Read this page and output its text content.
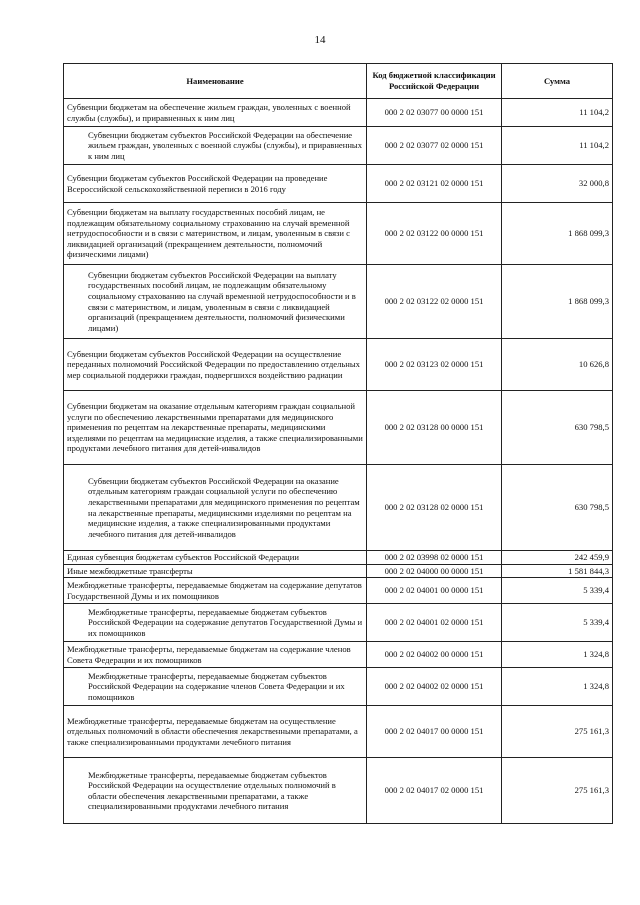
14
Наименование	Код бюджетной классификации Российской Федерации	Сумма
Субвенции бюджетам на обеспечение жильем граждан, уволенных с военной службы (службы), и приравненных к ним лиц	000 2 02 03077 00 0000 151	11 104,2
Субвенции бюджетам субъектов Российской Федерации на обеспечение жильем граждан, уволенных с военной службы (службы), и приравненных к ним лиц	000 2 02 03077 02 0000 151	11 104,2
Субвенции бюджетам субъектов Российской Федерации на проведение Всероссийской сельскохозяйственной переписи в 2016 году	000 2 02 03121 02 0000 151	32 000,8
Субвенции бюджетам на выплату государственных пособий лицам, не подлежащим обязательному социальному страхованию на случай временной нетрудоспособности и в связи с материнством, и лицам, уволенным в связи с ликвидацией организаций (прекращением деятельности, полномочий физическими лицами)	000 2 02 03122 00 0000 151	1 868 099,3
Субвенции бюджетам субъектов Российской Федерации на выплату государственных пособий лицам, не подлежащим обязательному социальному страхованию на случай временной нетрудоспособности и в связи с материнством, и лицам, уволенным в связи с ликвидацией организаций (прекращением деятельности, полномочий физическими лицами)	000 2 02 03122 02 0000 151	1 868 099,3
Субвенции бюджетам субъектов Российской Федерации на осуществление переданных полномочий Российской Федерации по предоставлению отдельных мер социальной поддержки граждан, подвергшихся воздействию радиации	000 2 02 03123 02 0000 151	10 626,8
Субвенции бюджетам на оказание отдельным категориям граждан социальной услуги по обеспечению лекарственными препаратами для медицинского применения по рецептам на лекарственные препараты, медицинскими изделиями по рецептам на медицинские изделия, а также специализированными продуктами лечебного питания для детей-инвалидов	000 2 02 03128 00 0000 151	630 798,5
Субвенции бюджетам субъектов Российской Федерации на оказание отдельным категориям граждан социальной услуги по обеспечению лекарственными препаратами для медицинского применения по рецептам на лекарственные препараты, медицинскими изделиями по рецептам на медицинские изделия, а также специализированными продуктами лечебного питания для детей-инвалидов	000 2 02 03128 02 0000 151	630 798,5
Единая субвенция бюджетам субъектов Российской Федерации	000 2 02 03998 02 0000 151	242 459,9
Иные межбюджетные трансферты	000 2 02 04000 00 0000 151	1 581 844,3
Межбюджетные трансферты, передаваемые бюджетам на содержание депутатов Государственной Думы и их помощников	000 2 02 04001 00 0000 151	5 339,4
Межбюджетные трансферты, передаваемые бюджетам субъектов Российской Федерации на содержание депутатов Государственной Думы и их помощников	000 2 02 04001 02 0000 151	5 339,4
Межбюджетные трансферты, передаваемые бюджетам на содержание членов Совета Федерации и их помощников	000 2 02 04002 00 0000 151	1 324,8
Межбюджетные трансферты, передаваемые бюджетам субъектов Российской Федерации на содержание членов Совета Федерации и их помощников	000 2 02 04002 02 0000 151	1 324,8
Межбюджетные трансферты, передаваемые бюджетам на осуществление отдельных полномочий в области обеспечения лекарственными препаратами, а также специализированными продуктами лечебного питания	000 2 02 04017 00 0000 151	275 161,3
Межбюджетные трансферты, передаваемые бюджетам субъектов Российской Федерации на осуществление отдельных полномочий в области обеспечения лекарственными препаратами, а также специализированными продуктами лечебного питания	000 2 02 04017 02 0000 151	275 161,3
